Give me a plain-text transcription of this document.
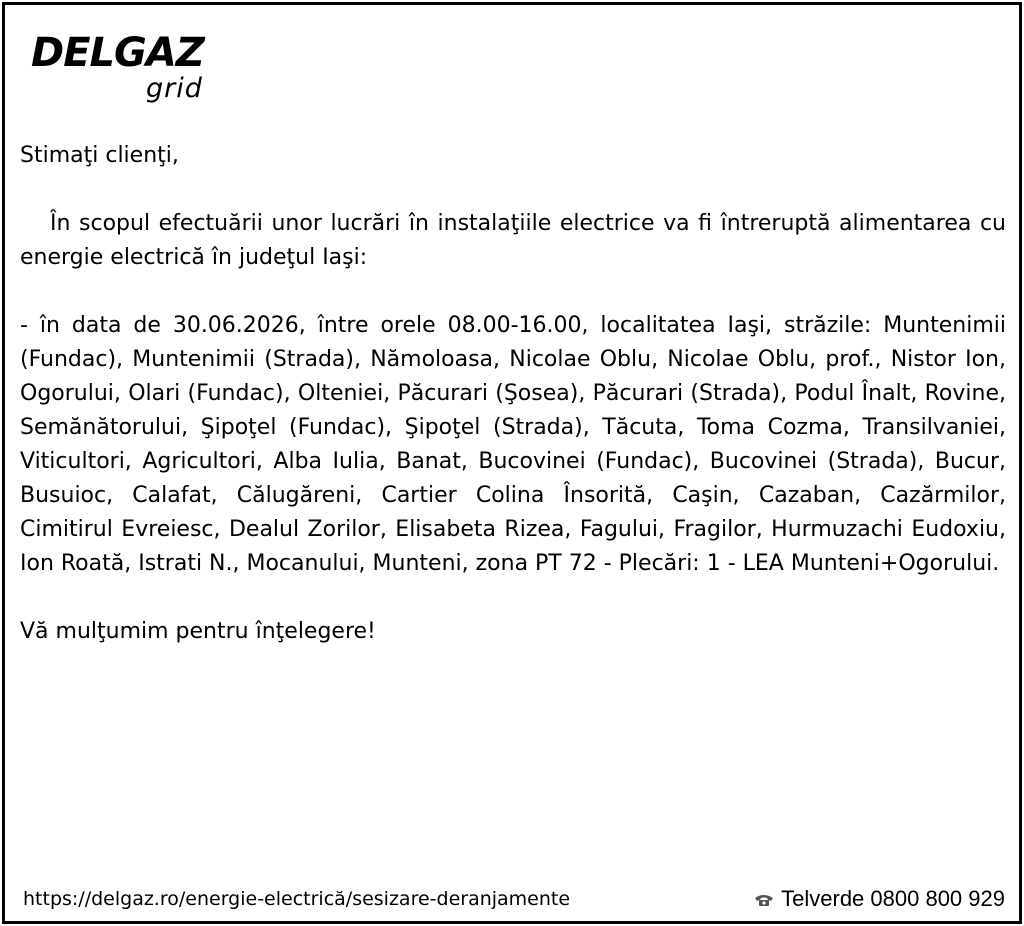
DELGAZ
grid

Stimaţi clienţi,

În scopul efectuării unor lucrări în instalaţiile electrice va fi întreruptă alimentarea cu energie electrică în judeţul Iaşi:

- în data de 30.06.2026, între orele 08.00-16.00, localitatea Iaşi, străzile: Muntenimii (Fundac), Muntenimii (Strada), Nămoloasa, Nicolae Oblu, Nicolae Oblu, prof., Nistor Ion, Ogorului, Olari (Fundac), Olteniei, Păcurari (Şosea), Păcurari (Strada), Podul Înalt, Rovine, Semănătorului, Şipoţel (Fundac), Şipoţel (Strada), Tăcuta, Toma Cozma, Transilvaniei, Viticultori, Agricultori, Alba Iulia, Banat, Bucovinei (Fundac), Bucovinei (Strada), Bucur, Busuioc, Calafat, Călugăreni, Cartier Colina Însorită, Caşin, Cazaban, Cazărmilor, Cimitirul Evreiesc, Dealul Zorilor, Elisabeta Rizea, Fagului, Fragilor, Hurmuzachi Eudoxiu, Ion Roată, Istrati N., Mocanului, Munteni, zona PT 72 - Plecări: 1 - LEA Munteni+Ogorului.

Vă mulţumim pentru înţelegere!

https://delgaz.ro/energie-electrică/sesizare-deranjamente	Telverde 0800 800 929
